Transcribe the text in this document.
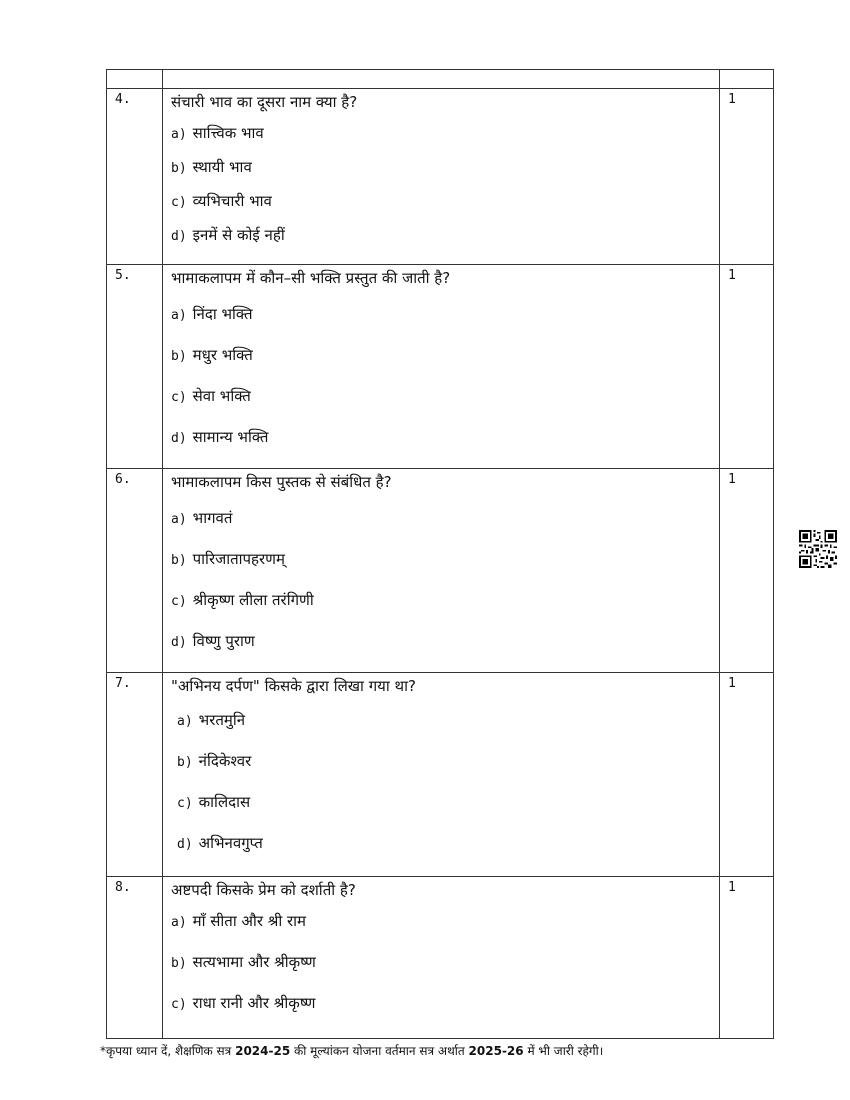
4.	संचारी भाव का दूसरा नाम क्या है?
a) सात्त्विक भाव
b) स्थायी भाव
c) व्यभिचारी भाव
d) इनमें से कोई नहीं	1
5.	भामाकलापम में कौन–सी भक्ति प्रस्तुत की जाती है?
a) निंदा भक्ति
b) मधुर भक्ति
c) सेवा भक्ति
d) सामान्य भक्ति	1
6.	भामाकलापम किस पुस्तक से संबंधित है?
a) भागवतं
b) पारिजातापहरणम्
c) श्रीकृष्ण लीला तरंगिणी
d) विष्णु पुराण	1
7.	"अभिनय दर्पण" किसके द्वारा लिखा गया था?
a) भरतमुनि
b) नंदिकेश्वर
c) कालिदास
d) अभिनवगुप्त	1
8.	अष्टपदी किसके प्रेम को दर्शाती है?
a) माँ सीता और श्री राम
b) सत्यभामा और श्रीकृष्ण
c) राधा रानी और श्रीकृष्ण	1
*कृपया ध्यान दें, शैक्षणिक सत्र 2024-25 की मूल्यांकन योजना वर्तमान सत्र अर्थात 2025-26 में भी जारी रहेगी।
